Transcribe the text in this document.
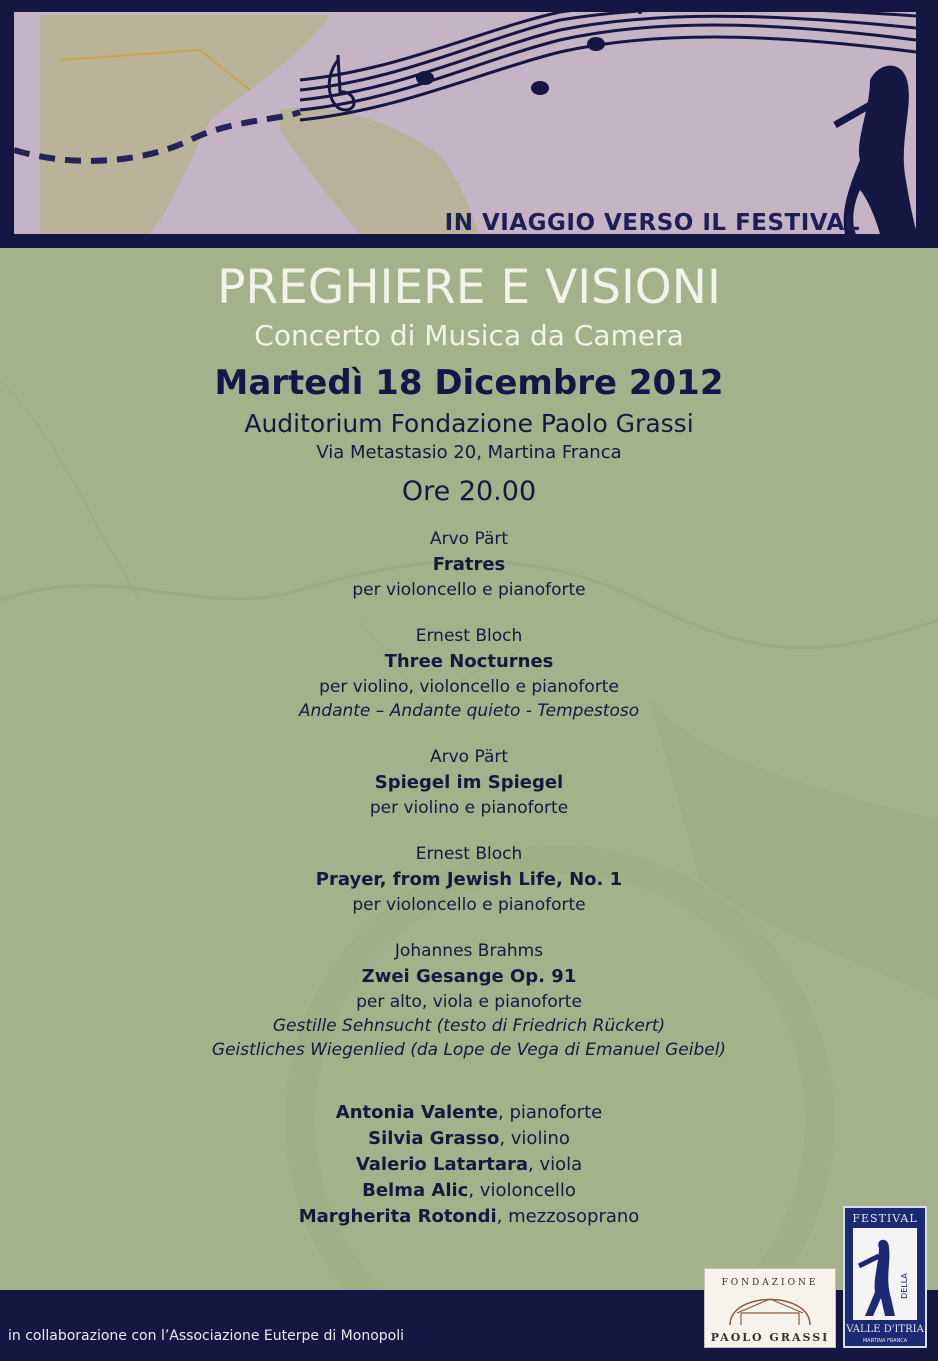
IN VIAGGIO VERSO IL FESTIVAL
PREGHIERE E VISIONI
Concerto di Musica da Camera
Martedì 18 Dicembre 2012
Auditorium Fondazione Paolo Grassi
Via Metastasio 20, Martina Franca
Ore 20.00
Arvo Pärt
Fratres
per violoncello e pianoforte
Ernest Bloch
Three Nocturnes
per violino, violoncello e pianoforte
Andante – Andante quieto - Tempestoso
Arvo Pärt
Spiegel im Spiegel
per violino e pianoforte
Ernest Bloch
Prayer, from Jewish Life, No. 1
per violoncello e pianoforte
Johannes Brahms
Zwei Gesange Op. 91
per alto, viola e pianoforte
Gestille Sehnsucht (testo di Friedrich Rückert)
Geistliches Wiegenlied (da Lope de Vega di Emanuel Geibel)
Antonia Valente, pianoforte
Silvia Grasso, violino
Valerio Latartara, viola
Belma Alic, violoncello
Margherita Rotondi, mezzosoprano
in collaborazione con l’Associazione Euterpe di Monopoli
FONDAZIONE
PAOLO GRASSI
FESTIVAL
DELLA
VALLE D'ITRIA
MARTINA FRANCA
